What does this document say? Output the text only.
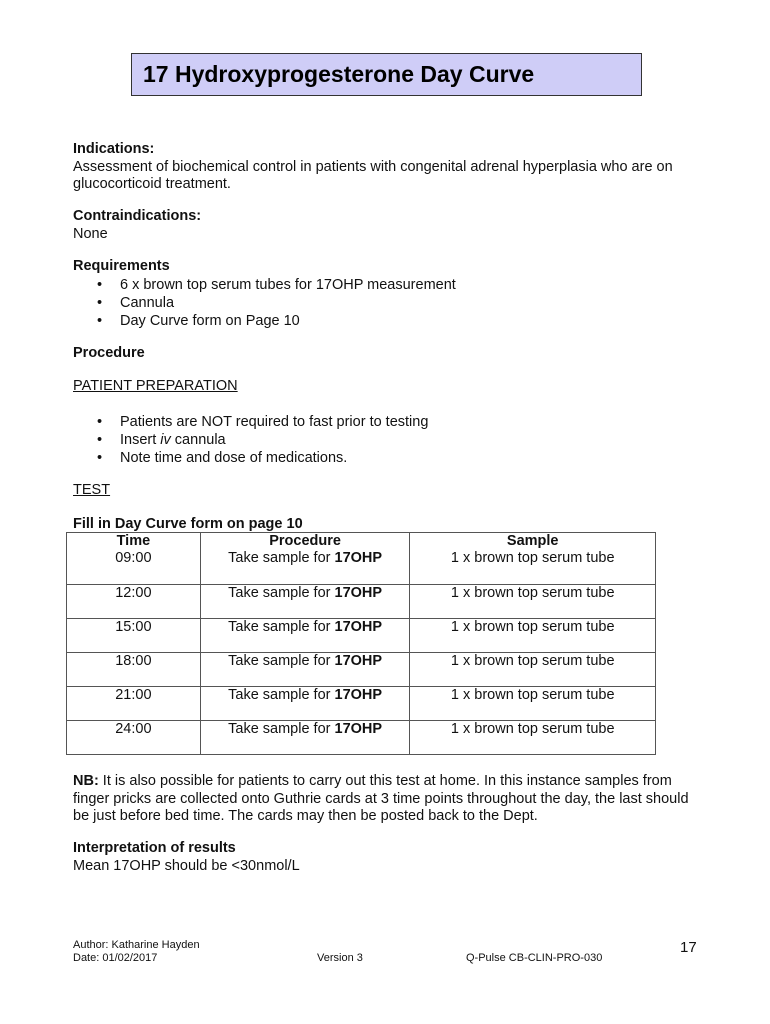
17 Hydroxyprogesterone Day Curve
Indications:
Assessment of biochemical control in patients with congenital adrenal hyperplasia who are on glucocorticoid treatment.
Contraindications:
None
Requirements
• 6 x brown top serum tubes for 17OHP measurement
• Cannula
• Day Curve form on Page 10
Procedure
PATIENT PREPARATION
• Patients are NOT required to fast prior to testing
• Insert iv cannula
• Note time and dose of medications.
TEST
Fill in Day Curve form on page 10
Time	Procedure	Sample
09:00	Take sample for 17OHP	1 x brown top serum tube
12:00	Take sample for 17OHP	1 x brown top serum tube
15:00	Take sample for 17OHP	1 x brown top serum tube
18:00	Take sample for 17OHP	1 x brown top serum tube
21:00	Take sample for 17OHP	1 x brown top serum tube
24:00	Take sample for 17OHP	1 x brown top serum tube
NB: It is also possible for patients to carry out this test at home. In this instance samples from finger pricks are collected onto Guthrie cards at 3 time points throughout the day, the last should be just before bed time. The cards may then be posted back to the Dept.
Interpretation of results
Mean 17OHP should be <30nmol/L
Author: Katharine Hayden
Date: 01/02/2017	Version 3	Q-Pulse CB-CLIN-PRO-030
17
